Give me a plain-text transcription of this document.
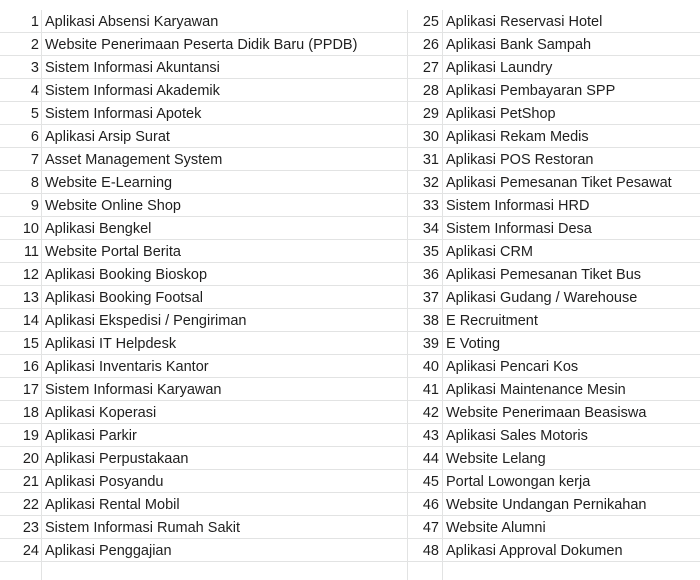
1 Aplikasi Absensi Karyawan	25 Aplikasi Reservasi Hotel
2 Website Penerimaan Peserta Didik Baru (PPDB)	26 Aplikasi Bank Sampah
3 Sistem Informasi Akuntansi	27 Aplikasi Laundry
4 Sistem Informasi Akademik	28 Aplikasi Pembayaran SPP
5 Sistem Informasi Apotek	29 Aplikasi PetShop
6 Aplikasi Arsip Surat	30 Aplikasi Rekam Medis
7 Asset Management System	31 Aplikasi POS Restoran
8 Website E-Learning	32 Aplikasi Pemesanan Tiket Pesawat
9 Website Online Shop	33 Sistem Informasi HRD
10 Aplikasi Bengkel	34 Sistem Informasi Desa
11 Website Portal Berita	35 Aplikasi CRM
12 Aplikasi Booking Bioskop	36 Aplikasi Pemesanan Tiket Bus
13 Aplikasi Booking Footsal	37 Aplikasi Gudang / Warehouse
14 Aplikasi Ekspedisi / Pengiriman	38 E Recruitment
15 Aplikasi IT Helpdesk	39 E Voting
16 Aplikasi Inventaris Kantor	40 Aplikasi Pencari Kos
17 Sistem Informasi Karyawan	41 Aplikasi Maintenance Mesin
18 Aplikasi Koperasi	42 Website Penerimaan Beasiswa
19 Aplikasi Parkir	43 Aplikasi Sales Motoris
20 Aplikasi Perpustakaan	44 Website Lelang
21 Aplikasi Posyandu	45 Portal Lowongan kerja
22 Aplikasi Rental Mobil	46 Website Undangan Pernikahan
23 Sistem Informasi Rumah Sakit	47 Website Alumni
24 Aplikasi Penggajian	48 Aplikasi Approval Dokumen
